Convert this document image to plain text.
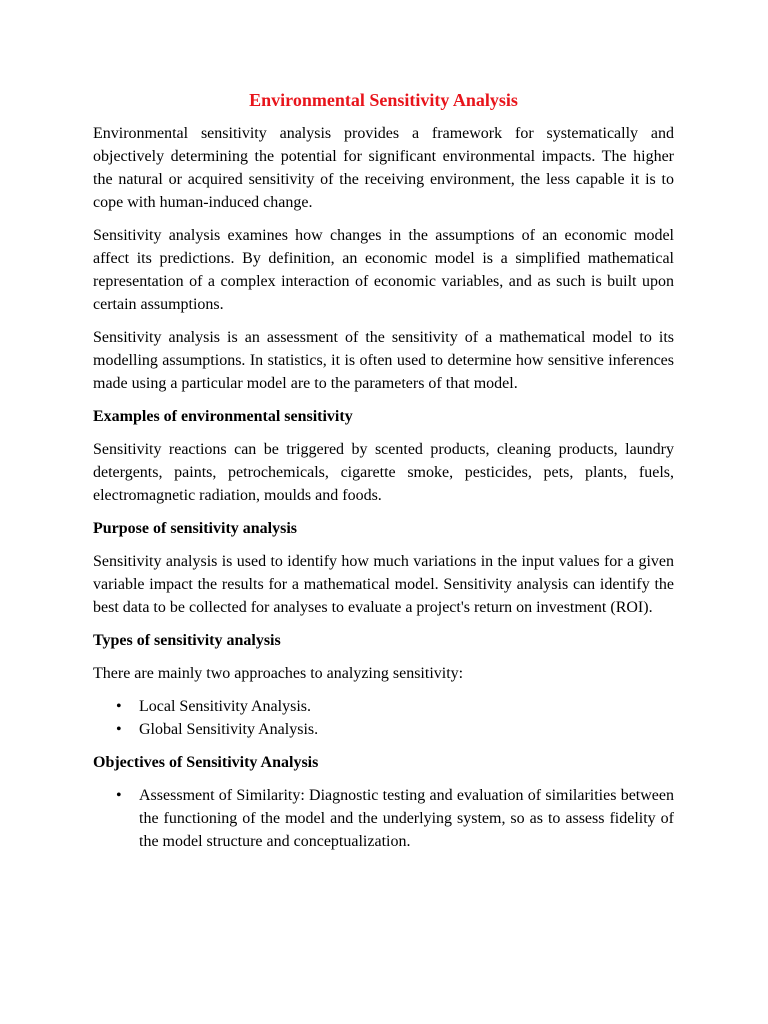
Environmental Sensitivity Analysis

Environmental sensitivity analysis provides a framework for systematically and objectively determining the potential for significant environmental impacts. The higher the natural or acquired sensitivity of the receiving environment, the less capable it is to cope with human-induced change.

Sensitivity analysis examines how changes in the assumptions of an economic model affect its predictions. By definition, an economic model is a simplified mathematical representation of a complex interaction of economic variables, and as such is built upon certain assumptions.

Sensitivity analysis is an assessment of the sensitivity of a mathematical model to its modelling assumptions. In statistics, it is often used to determine how sensitive inferences made using a particular model are to the parameters of that model.

Examples of environmental sensitivity

Sensitivity reactions can be triggered by scented products, cleaning products, laundry detergents, paints, petrochemicals, cigarette smoke, pesticides, pets, plants, fuels, electromagnetic radiation, moulds and foods.

Purpose of sensitivity analysis

Sensitivity analysis is used to identify how much variations in the input values for a given variable impact the results for a mathematical model. Sensitivity analysis can identify the best data to be collected for analyses to evaluate a project's return on investment (ROI).

Types of sensitivity analysis

There are mainly two approaches to analyzing sensitivity:

• Local Sensitivity Analysis.
• Global Sensitivity Analysis.
Objectives of Sensitivity Analysis
• Assessment of Similarity: Diagnostic testing and evaluation of similarities between the functioning of the model and the underlying system, so as to assess fidelity of the model structure and conceptualization.
